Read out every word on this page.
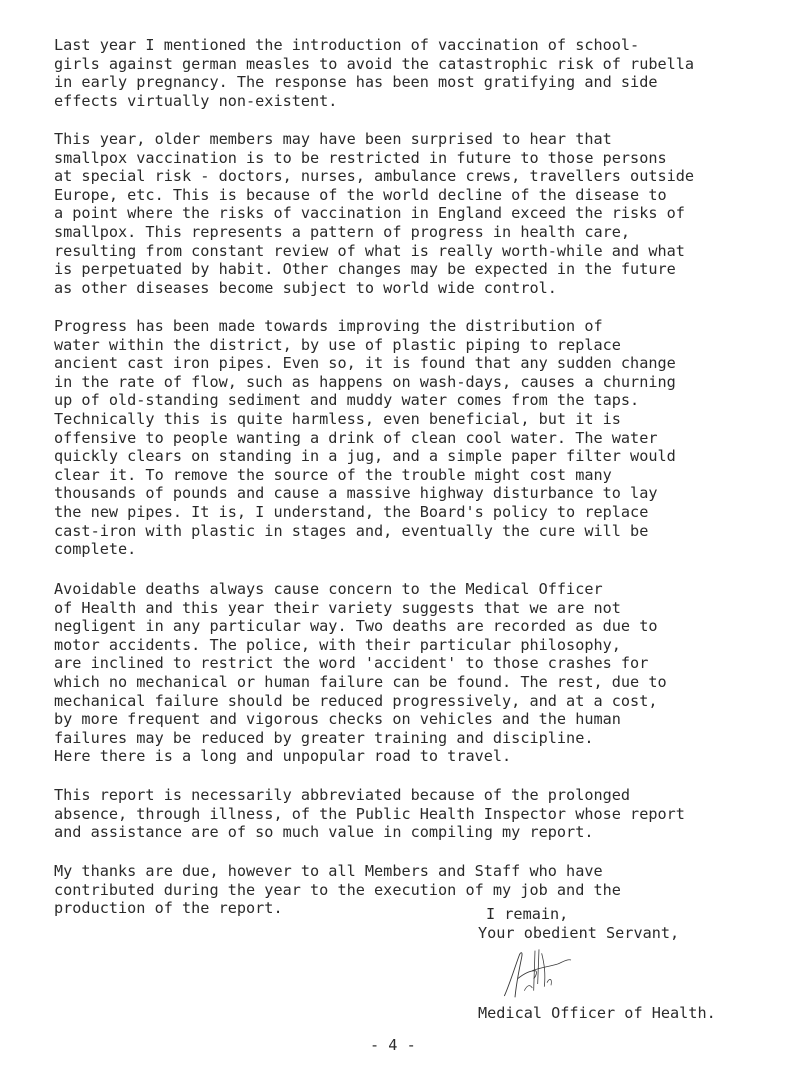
Last year I mentioned the introduction of vaccination of school-
girls against german measles to avoid the catastrophic risk of rubella
in early pregnancy. The response has been most gratifying and side
effects virtually non-existent.
This year, older members may have been surprised to hear that
smallpox vaccination is to be restricted in future to those persons
at special risk - doctors, nurses, ambulance crews, travellers outside
Europe, etc. This is because of the world decline of the disease to
a point where the risks of vaccination in England exceed the risks of
smallpox. This represents a pattern of progress in health care,
resulting from constant review of what is really worth-while and what
is perpetuated by habit. Other changes may be expected in the future
as other diseases become subject to world wide control.
Progress has been made towards improving the distribution of
water within the district, by use of plastic piping to replace
ancient cast iron pipes. Even so, it is found that any sudden change
in the rate of flow, such as happens on wash-days, causes a churning
up of old-standing sediment and muddy water comes from the taps.
Technically this is quite harmless, even beneficial, but it is
offensive to people wanting a drink of clean cool water. The water
quickly clears on standing in a jug, and a simple paper filter would
clear it. To remove the source of the trouble might cost many
thousands of pounds and cause a massive highway disturbance to lay
the new pipes. It is, I understand, the Board's policy to replace
cast-iron with plastic in stages and, eventually the cure will be
complete.
Avoidable deaths always cause concern to the Medical Officer
of Health and this year their variety suggests that we are not
negligent in any particular way. Two deaths are recorded as due to
motor accidents. The police, with their particular philosophy,
are inclined to restrict the word 'accident' to those crashes for
which no mechanical or human failure can be found. The rest, due to
mechanical failure should be reduced progressively, and at a cost,
by more frequent and vigorous checks on vehicles and the human
failures may be reduced by greater training and discipline.
Here there is a long and unpopular road to travel.
This report is necessarily abbreviated because of the prolonged
absence, through illness, of the Public Health Inspector whose report
and assistance are of so much value in compiling my report.
My thanks are due, however to all Members and Staff who have
contributed during the year to the execution of my job and the
production of the report.	I remain,
Your obedient Servant,
Medical Officer of Health.
- 4 -
